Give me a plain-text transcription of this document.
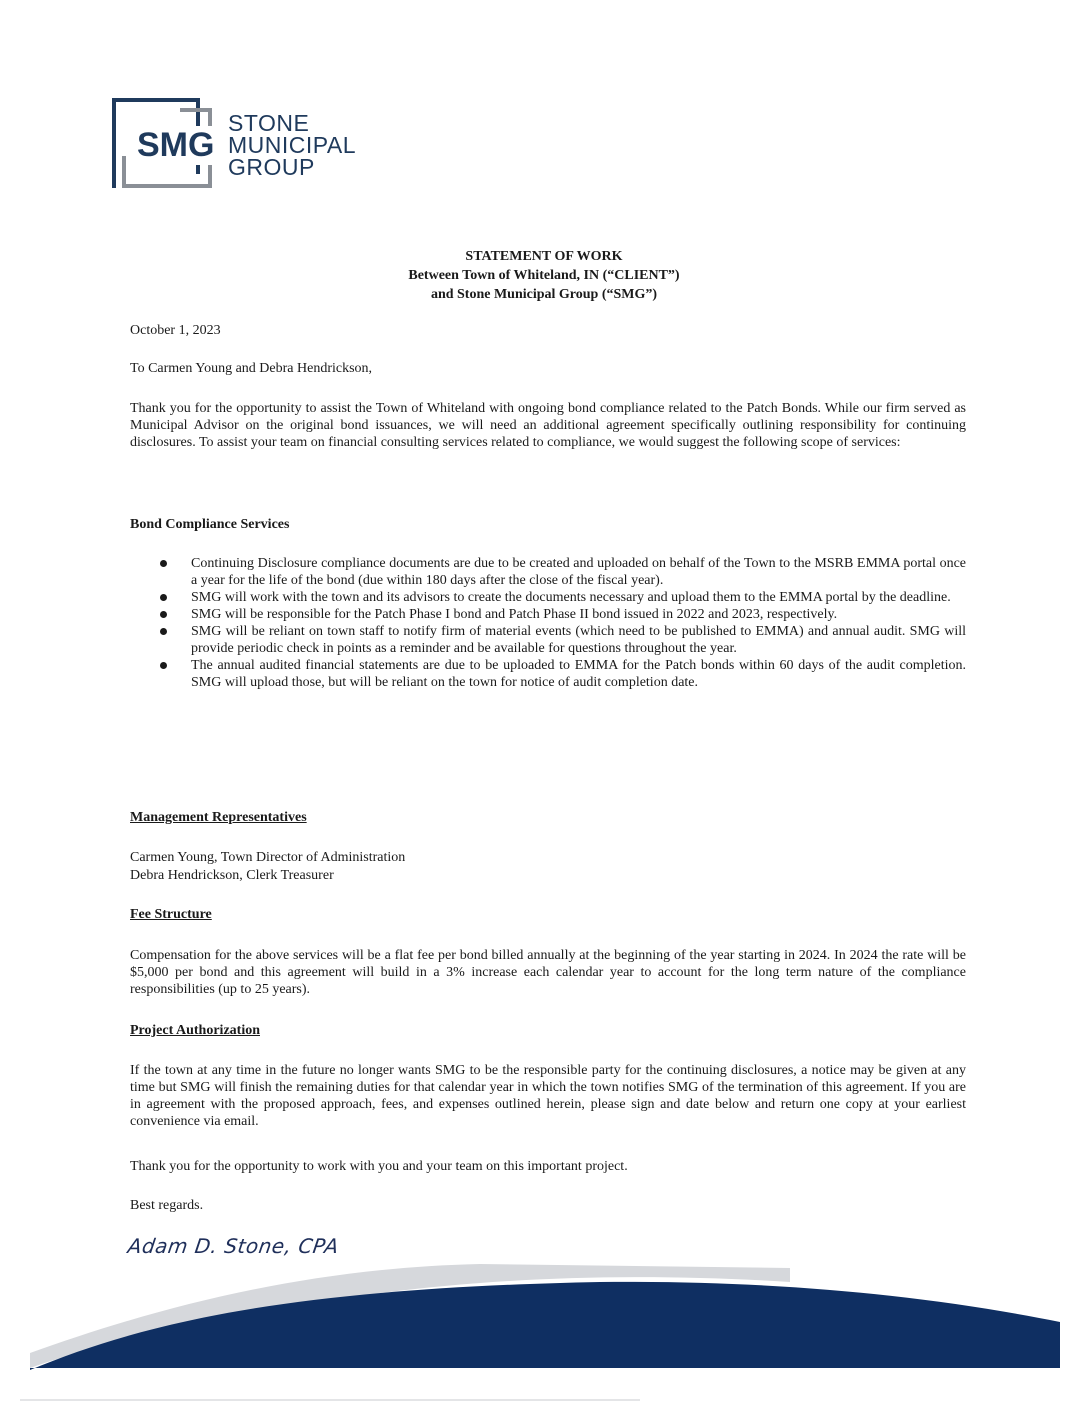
SMG
STONE
MUNICIPAL
GROUP
STATEMENT OF WORK
Between Town of Whiteland, IN (“CLIENT”)
and Stone Municipal Group (“SMG”)
October 1, 2023
To Carmen Young and Debra Hendrickson,
Thank you for the opportunity to assist the Town of Whiteland with ongoing bond compliance related to the Patch Bonds. While our firm served as Municipal Advisor on the original bond issuances, we will need an additional agreement specifically outlining responsibility for continuing disclosures. To assist your team on financial consulting services related to compliance, we would suggest the following scope of services:
Bond Compliance Services
Continuing Disclosure compliance documents are due to be created and uploaded on behalf of the Town to the MSRB EMMA portal once a year for the life of the bond (due within 180 days after the close of the fiscal year).
SMG will work with the town and its advisors to create the documents necessary and upload them to the EMMA portal by the deadline.
SMG will be responsible for the Patch Phase I bond and Patch Phase II bond issued in 2022 and 2023, respectively.
SMG will be reliant on town staff to notify firm of material events (which need to be published to EMMA) and annual audit. SMG will provide periodic check in points as a reminder and be available for questions throughout the year.
The annual audited financial statements are due to be uploaded to EMMA for the Patch bonds within 60 days of the audit completion. SMG will upload those, but will be reliant on the town for notice of audit completion date.
Management Representatives
Carmen Young, Town Director of Administration
Debra Hendrickson, Clerk Treasurer
Fee Structure
Compensation for the above services will be a flat fee per bond billed annually at the beginning of the year starting in 2024. In 2024 the rate will be $5,000 per bond and this agreement will build in a 3% increase each calendar year to account for the long term nature of the compliance responsibilities (up to 25 years).
Project Authorization
If the town at any time in the future no longer wants SMG to be the responsible party for the continuing disclosures, a notice may be given at any time but SMG will finish the remaining duties for that calendar year in which the town notifies SMG of the termination of this agreement. If you are in agreement with the proposed approach, fees, and expenses outlined herein, please sign and date below and return one copy at your earliest convenience via email.
Thank you for the opportunity to work with you and your team on this important project.
Best regards.
Adam D. Stone, CPA
